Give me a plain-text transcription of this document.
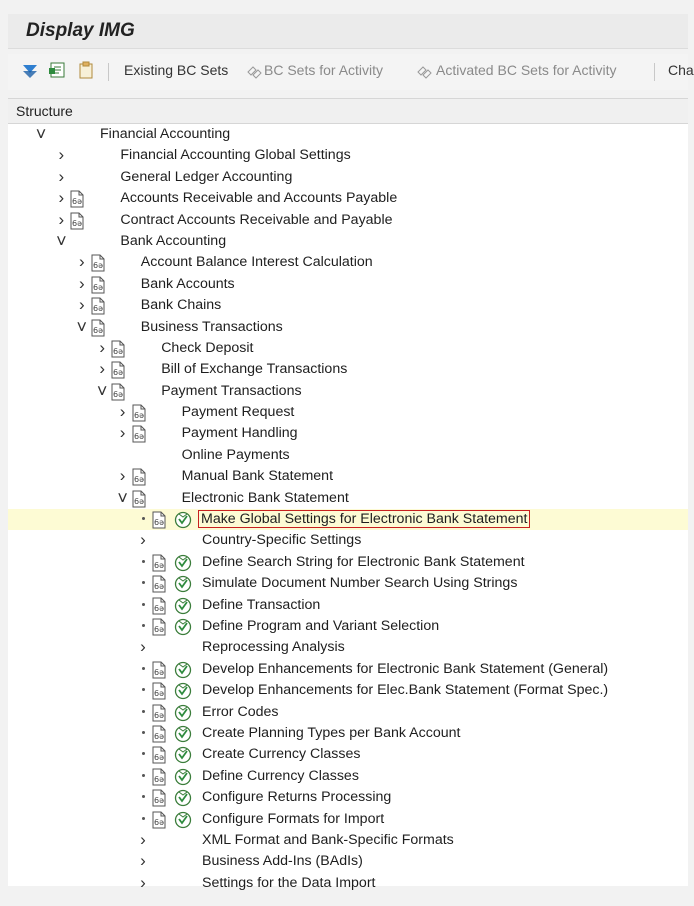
Display IMG
Existing BC Sets	BC Sets for Activity	Activated BC Sets for Activity	Cha
Structure
˅	Financial Accounting
›	Financial Accounting Global Settings
›	General Ledger Accounting
›	6ə	Accounts Receivable and Accounts Payable
›	6ə	Contract Accounts Receivable and Payable
˅	Bank Accounting
›	6ə	Account Balance Interest Calculation
›	6ə	Bank Accounts
›	6ə	Bank Chains
˅ 6ə	Business Transactions
›	6ə	Check Deposit
›	6ə	Bill of Exchange Transactions
˅ 6ə	Payment Transactions
›	6ə	Payment Request
›	6ə	Payment Handling
Online Payments
›	6ə	Manual Bank Statement
˅ 6ə	Electronic Bank Statement
6ə	Make Global Settings for Electronic Bank Statement
›	Country-Specific Settings
6ə	Define Search String for Electronic Bank Statement
6ə	Simulate Document Number Search Using Strings
6ə	Define Transaction
6ə	Define Program and Variant Selection
›	Reprocessing Analysis
6ə	Develop Enhancements for Electronic Bank Statement (General)
6ə	Develop Enhancements for Elec.Bank Statement (Format Spec.)
6ə	Error Codes
6ə	Create Planning Types per Bank Account
6ə	Create Currency Classes
6ə	Define Currency Classes
6ə	Configure Returns Processing
6ə	Configure Formats for Import
›	XML Format and Bank-Specific Formats
›	Business Add-Ins (BAdIs)
›	Settings for the Data Import
